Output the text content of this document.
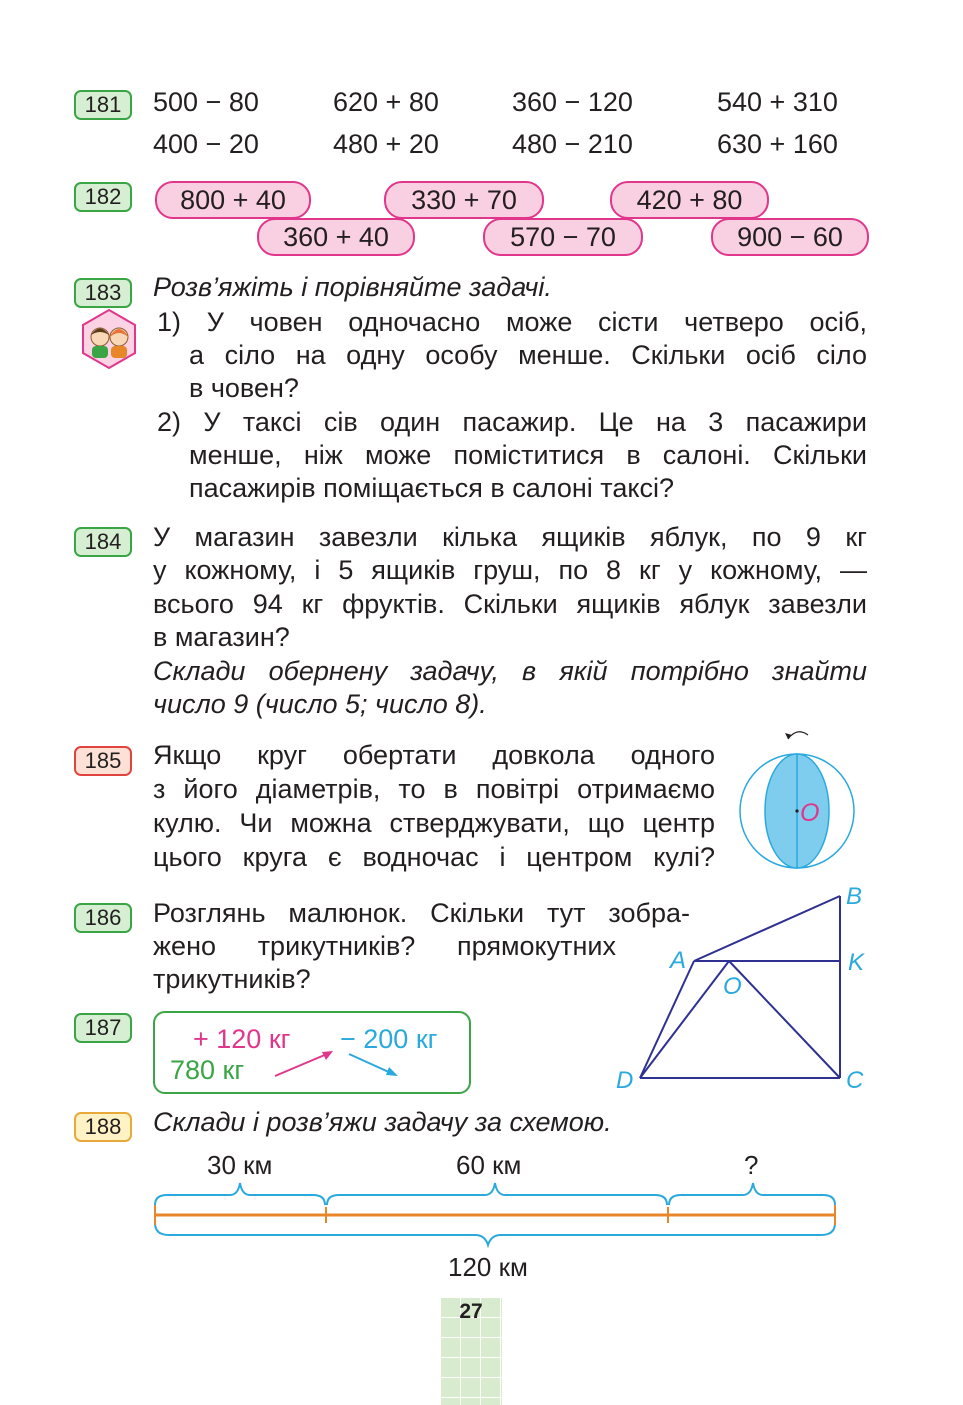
181	500 − 80	620 + 80	360 − 120	540 + 310
400 − 20	480 + 20	480 − 210	630 + 160
182	800 + 40	330 + 70	420 + 80
360 + 40	570 − 70	900 − 60
183	Розв’яжіть і порівняйте задачі.
1) У човен одночасно може сісти четверо осіб,
а сіло на одну особу менше. Скільки осіб сіло
в човен?
2) У таксі сів один пасажир. Це на 3 пасажири
менше, ніж може поміститися в салоні. Скільки
пасажирів поміщається в салоні таксі?
184	У магазин завезли кілька ящиків яблук, по 9 кг
у кожному, і 5 ящиків груш, по 8 кг у кожному, —
всього 94 кг фруктів. Скільки ящиків яблук завезли
в магазин?
Склади обернену задачу, в якій потрібно знайти
число 9 (число 5; число 8).
185	Якщо круг обертати довкола одного
з його діаметрів, то в повітрі отримаємо
кулю. Чи можна стверджувати, що центр
цього круга є водночас і центром кулі?
O
186	Розглянь малюнок. Скільки тут зобра-
жено трикутників? прямокутних
трикутників?
B
A	K
O
D	C
187	+ 120 кг − 200 кг
780 кг
188	Склади і розв’яжи задачу за схемою.
30 км	60 км	?
120 км
27
